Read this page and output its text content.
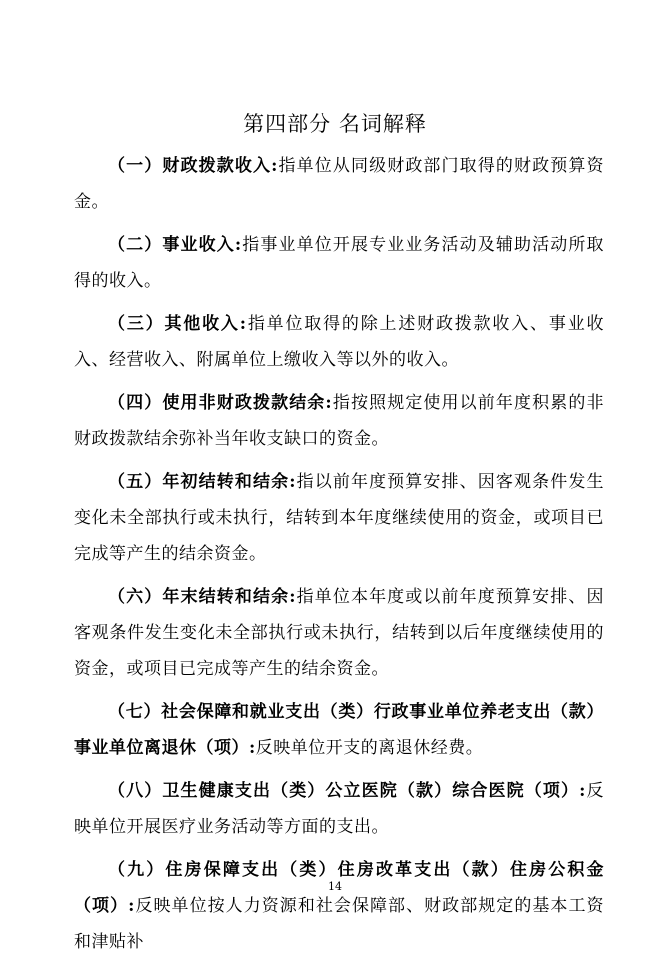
第四部分 名词解释

（一）财政拨款收入:指单位从同级财政部门取得的财政预算资金。

（二）事业收入:指事业单位开展专业业务活动及辅助活动所取得的收入。

（三）其他收入:指单位取得的除上述财政拨款收入、事业收入、经营收入、附属单位上缴收入等以外的收入。

（四）使用非财政拨款结余:指按照规定使用以前年度积累的非财政拨款结余弥补当年收支缺口的资金。

（五）年初结转和结余:指以前年度预算安排、因客观条件发生变化未全部执行或未执行，结转到本年度继续使用的资金，或项目已完成等产生的结余资金。

（六）年末结转和结余:指单位本年度或以前年度预算安排、因客观条件发生变化未全部执行或未执行，结转到以后年度继续使用的资金，或项目已完成等产生的结余资金。

（七）社会保障和就业支出（类）行政事业单位养老支出（款）事业单位离退休（项）:反映单位开支的离退休经费。

（八）卫生健康支出（类）公立医院（款）综合医院（项）:反映单位开展医疗业务活动等方面的支出。

（九）住房保障支出（类）住房改革支出（款）住房公积金（项）:反映单位按人力资源和社会保障部、财政部规定的基本工资和津贴补

14
